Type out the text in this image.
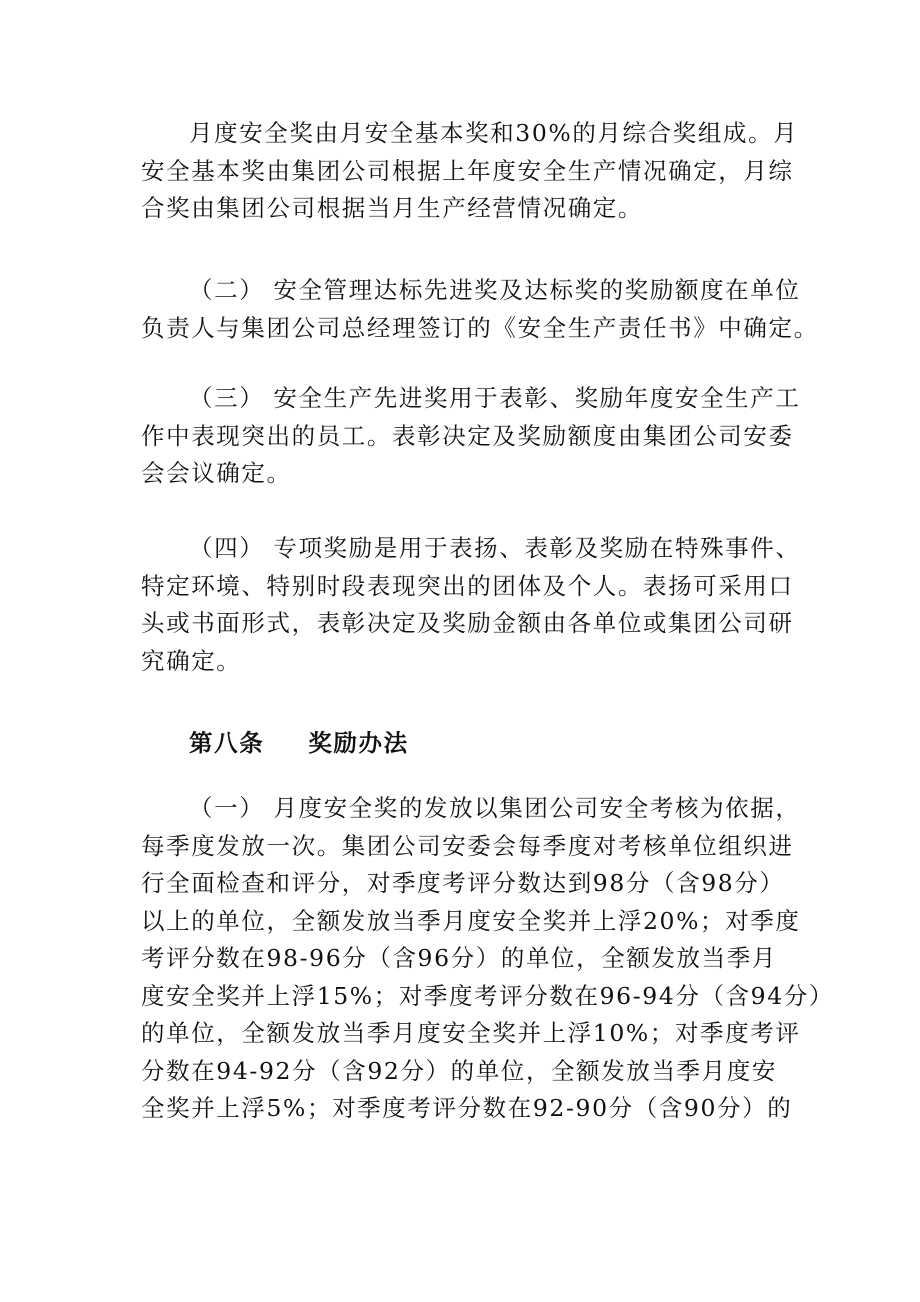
月度安全奖由月安全基本奖和30%的月综合奖组成。月
安全基本奖由集团公司根据上年度安全生产情况确定，月综
合奖由集团公司根据当月生产经营情况确定。
（二） 安全管理达标先进奖及达标奖的奖励额度在单位
负责人与集团公司总经理签订的《安全生产责任书》中确定。
（三） 安全生产先进奖用于表彰、奖励年度安全生产工
作中表现突出的员工。表彰决定及奖励额度由集团公司安委
会会议确定。
（四） 专项奖励是用于表扬、表彰及奖励在特殊事件、
特定环境、特别时段表现突出的团体及个人。表扬可采用口
头或书面形式，表彰决定及奖励金额由各单位或集团公司研
究确定。
第八条 奖励办法
（一） 月度安全奖的发放以集团公司安全考核为依据，
每季度发放一次。集团公司安委会每季度对考核单位组织进
行全面检查和评分，对季度考评分数达到98分（含98分）
以上的单位，全额发放当季月度安全奖并上浮20%；对季度
考评分数在98-96分（含96分）的单位，全额发放当季月
度安全奖并上浮15%；对季度考评分数在96-94分（含94分）
的单位，全额发放当季月度安全奖并上浮10%；对季度考评
分数在94-92分（含92分）的单位，全额发放当季月度安
全奖并上浮5%；对季度考评分数在92-90分（含90分）的
